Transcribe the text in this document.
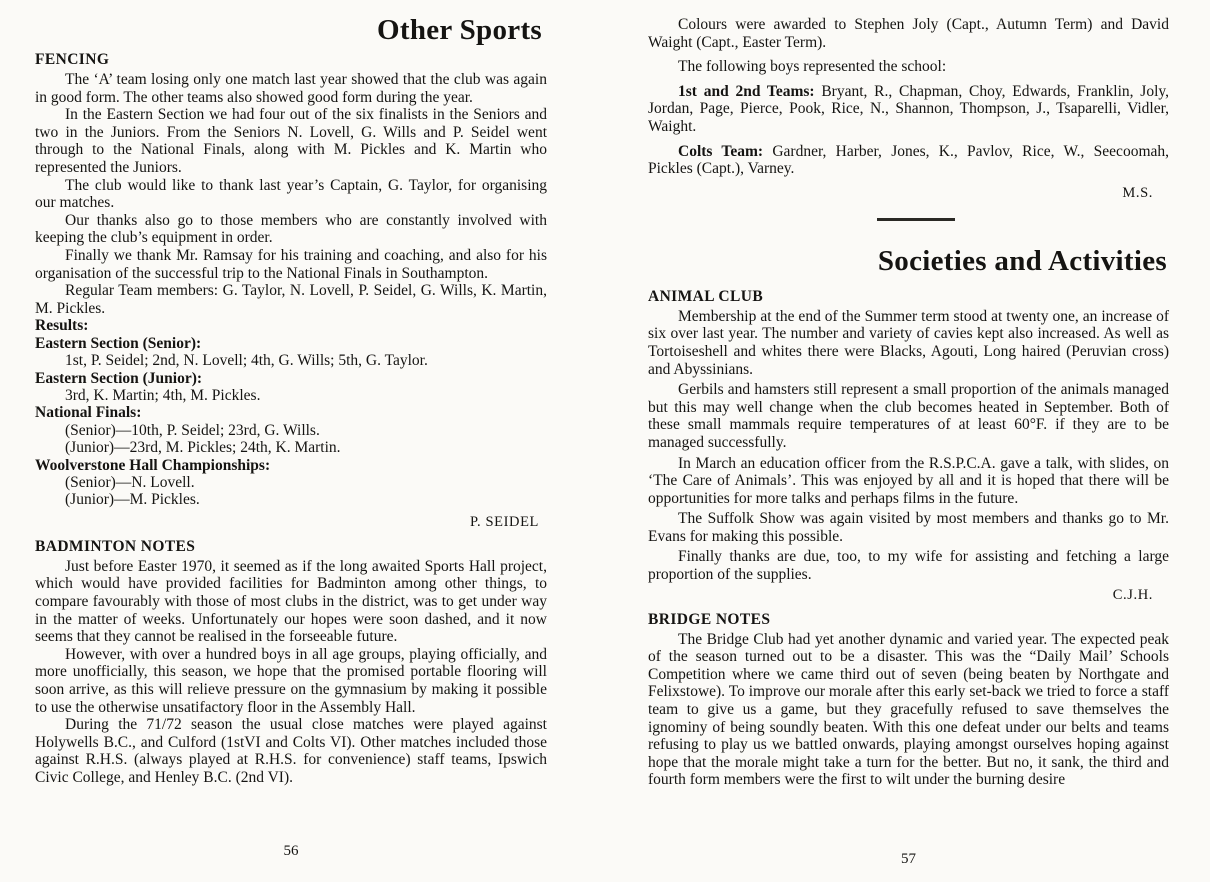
Other Sports
FENCING

The ‘A’ team losing only one match last year showed that the club was again in good form. The other teams also showed good form during the year.

In the Eastern Section we had four out of the six finalists in the Seniors and two in the Juniors. From the Seniors N. Lovell, G. Wills and P. Seidel went through to the National Finals, along with M. Pickles and K. Martin who represented the Juniors.

The club would like to thank last year’s Captain, G. Taylor, for organising our matches.

Our thanks also go to those members who are constantly involved with keeping the club’s equipment in order.

Finally we thank Mr. Ramsay for his training and coaching, and also for his organisation of the successful trip to the National Finals in Southampton.

Regular Team members: G. Taylor, N. Lovell, P. Seidel, G. Wills, K. Martin, M. Pickles.

Results:

Eastern Section (Senior):

1st, P. Seidel; 2nd, N. Lovell; 4th, G. Wills; 5th, G. Taylor.

Eastern Section (Junior):

3rd, K. Martin; 4th, M. Pickles.

National Finals:

(Senior)—10th, P. Seidel; 23rd, G. Wills.

(Junior)—23rd, M. Pickles; 24th, K. Martin.

Woolverstone Hall Championships:

(Senior)—N. Lovell.

(Junior)—M. Pickles.

P. SEIDEL

BADMINTON NOTES

Just before Easter 1970, it seemed as if the long awaited Sports Hall project, which would have provided facilities for Badminton among other things, to compare favourably with those of most clubs in the district, was to get under way in the matter of weeks. Unfortunately our hopes were soon dashed, and it now seems that they cannot be realised in the forseeable future.

However, with over a hundred boys in all age groups, playing officially, and more unofficially, this season, we hope that the promised portable flooring will soon arrive, as this will relieve pressure on the gymnasium by making it possible to use the otherwise unsatifactory floor in the Assembly Hall.

During the 71/72 season the usual close matches were played against Holywells B.C., and Culford (1stVI and Colts VI). Other matches included those against R.H.S. (always played at R.H.S. for convenience) staff teams, Ipswich Civic College, and Henley B.C. (2nd VI).

56

Colours were awarded to Stephen Joly (Capt., Autumn Term) and David Waight (Capt., Easter Term).

The following boys represented the school:

1st and 2nd Teams: Bryant, R., Chapman, Choy, Edwards, Franklin, Joly, Jordan, Page, Pierce, Pook, Rice, N., Shannon, Thompson, J., Tsaparelli, Vidler, Waight.

Colts Team: Gardner, Harber, Jones, K., Pavlov, Rice, W., Seecoomah, Pickles (Capt.), Varney.

M.S.

Societies and Activities
ANIMAL CLUB

Membership at the end of the Summer term stood at twenty one, an increase of six over last year. The number and variety of cavies kept also increased. As well as Tortoiseshell and whites there were Blacks, Agouti, Long haired (Peruvian cross) and Abyssinians.

Gerbils and hamsters still represent a small proportion of the animals managed but this may well change when the club becomes heated in September. Both of these small mammals require temperatures of at least 60°F. if they are to be managed successfully.

In March an education officer from the R.S.P.C.A. gave a talk, with slides, on ‘The Care of Animals’. This was enjoyed by all and it is hoped that there will be opportunities for more talks and perhaps films in the future.

The Suffolk Show was again visited by most members and thanks go to Mr. Evans for making this possible.

Finally thanks are due, too, to my wife for assisting and fetching a large proportion of the supplies.

C.J.H.

BRIDGE NOTES

The Bridge Club had yet another dynamic and varied year. The expected peak of the season turned out to be a disaster. This was the “Daily Mail’ Schools Competition where we came third out of seven (being beaten by Northgate and Felixstowe). To improve our morale after this early set-back we tried to force a staff team to give us a game, but they gracefully refused to save themselves the ignominy of being soundly beaten. With this one defeat under our belts and teams refusing to play us we battled onwards, playing amongst ourselves hoping against hope that the morale might take a turn for the better. But no, it sank, the third and fourth form members were the first to wilt under the burning desire

57
